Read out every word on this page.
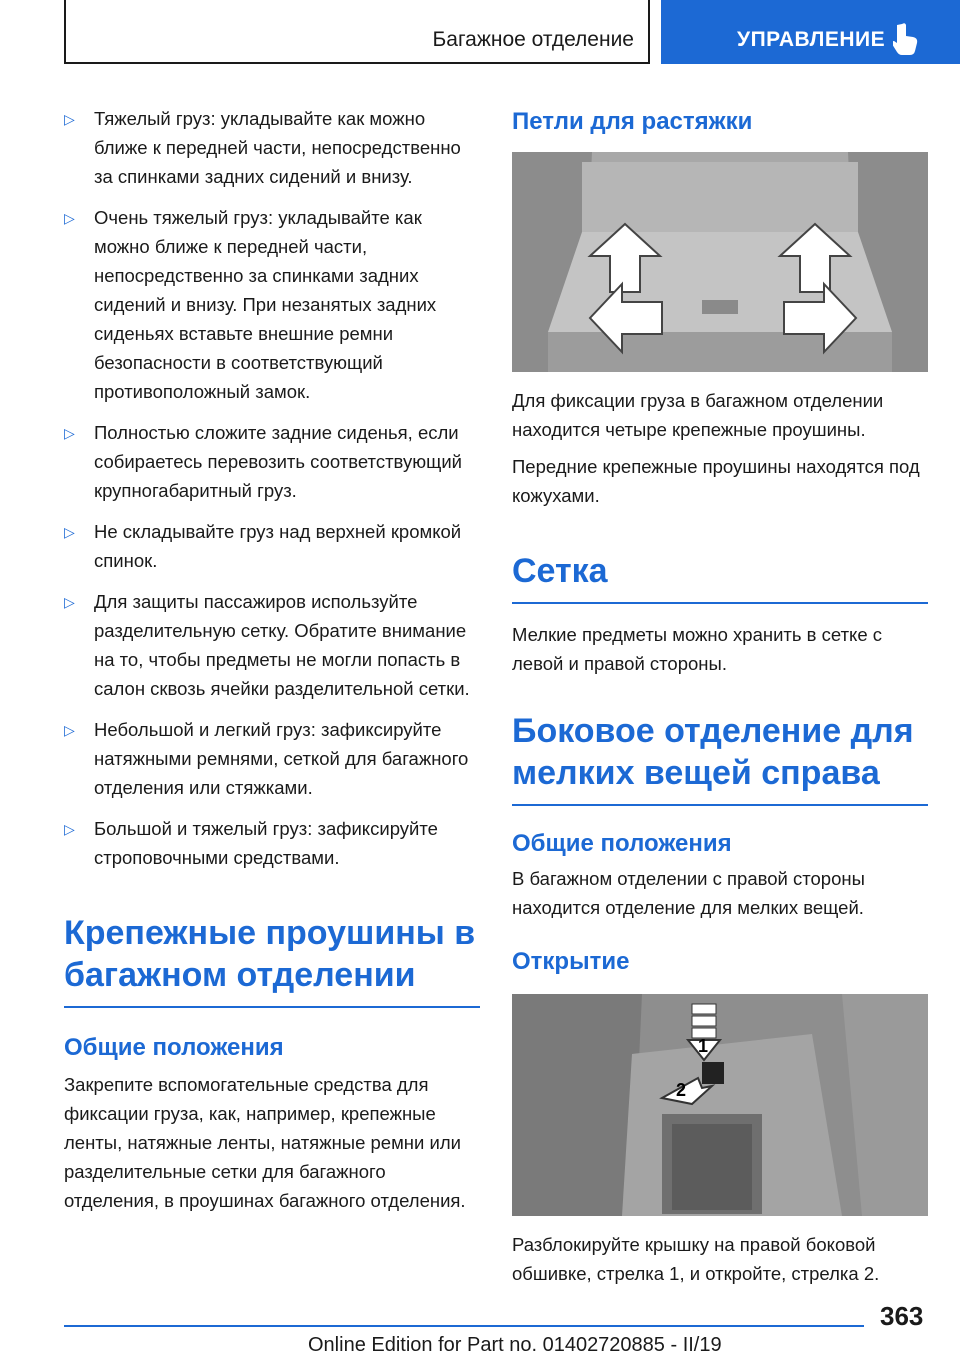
Багажное отделение	УПРАВЛЕНИЕ
▷ Тяжелый груз: укладывайте как можно ближе к передней части, непосредственно за спинками задних сидений и внизу.
▷ Очень тяжелый груз: укладывайте как можно ближе к передней части, непосредственно за спинками задних сидений и внизу. При незанятых задних сиденьях вставьте внешние ремни безопасности в соответствующий противоположный замок.
▷ Полностью сложите задние сиденья, если собираетесь перевозить соответствующий крупногабаритный груз.
▷ Не складывайте груз над верхней кромкой спинок.
▷ Для защиты пассажиров используйте разделительную сетку. Обратите внимание на то, чтобы предметы не могли попасть в салон сквозь ячейки разделительной сетки.
▷ Небольшой и легкий груз: зафиксируйте натяжными ремнями, сеткой для багажного отделения или стяжками.
▷ Большой и тяжелый груз: зафиксируйте строповочными средствами.
Крепежные проушины в багажном отделении
Общие положения

Закрепите вспомогательные средства для фиксации груза, как, например, крепежные ленты, натяжные ленты, натяжные ремни или разделительные сетки для багажного отделения, в проушинах багажного отделения.

Петли для растяжки

Для фиксации груза в багажном отделении находится четыре крепежные проушины.

Передние крепежные проушины находятся под кожухами.

Сетка

Мелкие предметы можно хранить в сетке с левой и правой стороны.

Боковое отделение для мелких вещей справа
Общие положения

В багажном отделении с правой стороны находится отделение для мелких вещей.

Открытие
1
2

Разблокируйте крышку на правой боковой обшивке, стрелка 1, и откройте, стрелка 2.

363
Online Edition for Part no. 01402720885 - II/19
